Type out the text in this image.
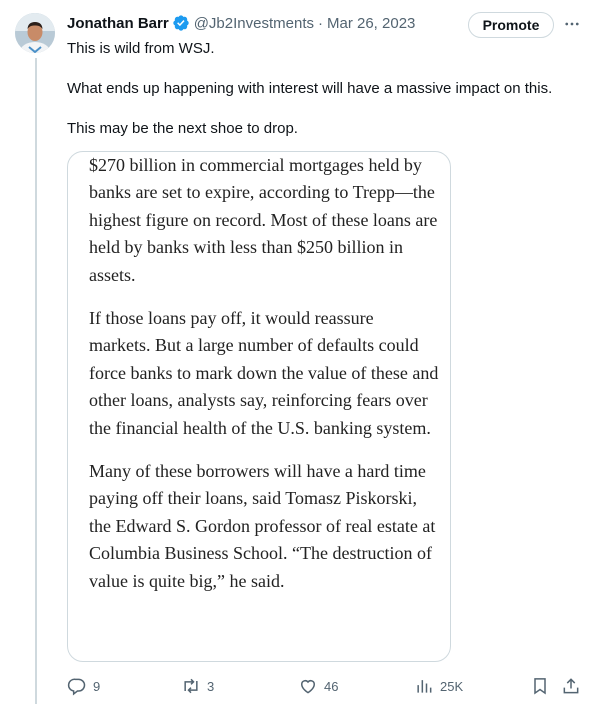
Jonathan Barr @Jb2Investments · Mar 26, 2023	Promote

This is wild from WSJ.

What ends up happening with interest will have a massive impact on this.

This may be the next shoe to drop.

$270 billion in commercial mortgages held by banks are set to expire, according to Trepp—the highest figure on record. Most of these loans are held by banks with less than $250 billion in assets.

If those loans pay off, it would reassure markets. But a large number of defaults could force banks to mark down the value of these and other loans, analysts say, reinforcing fears over the financial health of the U.S. banking system.

Many of these borrowers will have a hard time paying off their loans, said Tomasz Piskorski, the Edward S. Gordon professor of real estate at Columbia Business School. “The destruction of value is quite big,” he said.

9	3	46	25K
